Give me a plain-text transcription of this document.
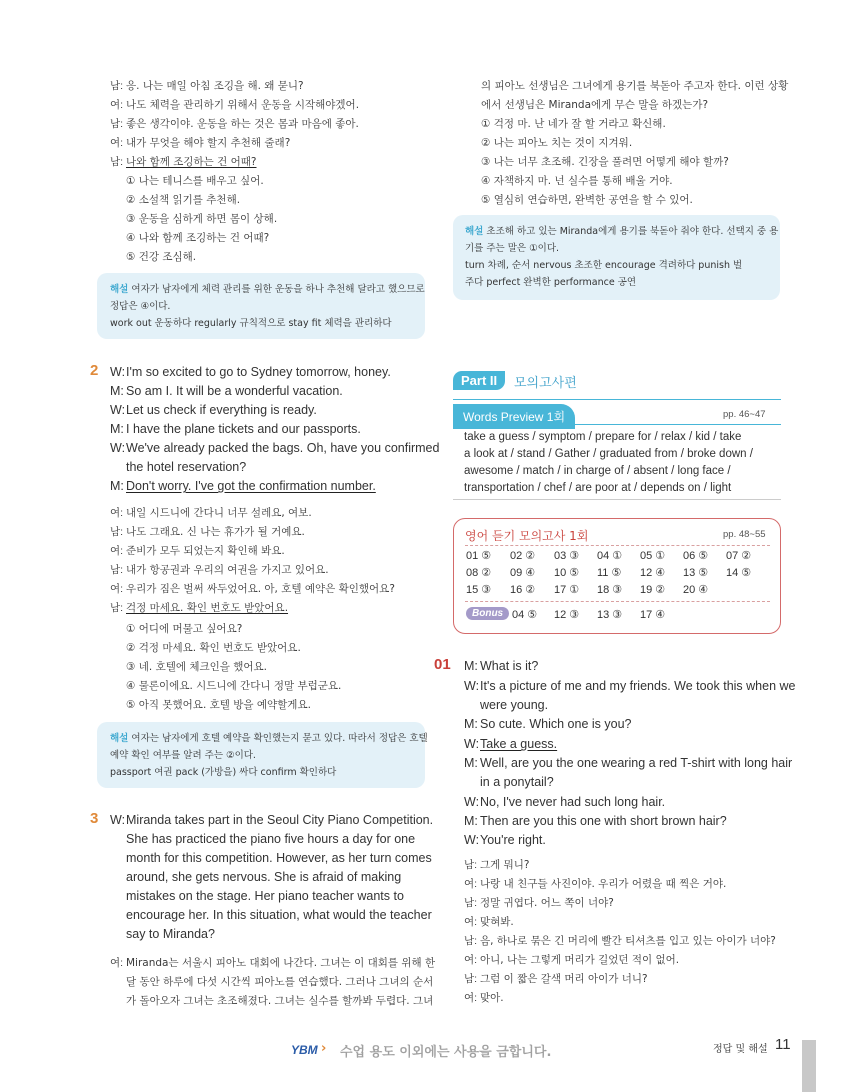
남: 응. 나는 매일 아침 조깅을 해. 왜 묻니?
여: 나도 체력을 관리하기 위해서 운동을 시작해야겠어.
남: 좋은 생각이야. 운동을 하는 것은 몸과 마음에 좋아.
여: 내가 무엇을 해야 할지 추천해 줄래?
남: 나와 함께 조깅하는 건 어때?
① 나는 테니스를 배우고 싶어.
② 소설책 읽기를 추천해.
③ 운동을 심하게 하면 몸이 상해.
④ 나와 함께 조깅하는 건 어때?
⑤ 건강 조심해.
해설 여자가 남자에게 체력 관리를 위한 운동을 하나 추천해 달라고 했으므로
정답은 ④이다.
work out 운동하다 regularly 규칙적으로 stay fit 체력을 관리하다
2 W:I'm so excited to go to Sydney tomorrow, honey.
M: So am I. It will be a wonderful vacation.
W:Let us check if everything is ready.
M: I have the plane tickets and our passports.
W:We've already packed the bags. Oh, have you confirmed
the hotel reservation?
M: Don't worry. I've got the confirmation number.
여: 내일 시드니에 간다니 너무 설레요, 여보.
남: 나도 그래요. 신 나는 휴가가 될 거예요.
여: 준비가 모두 되었는지 확인해 봐요.
남: 내가 항공권과 우리의 여권을 가지고 있어요.
여: 우리가 짐은 벌써 싸두었어요. 아, 호텔 예약은 확인했어요?
남: 걱정 마세요. 확인 번호도 받았어요.
① 어디에 머물고 싶어요?
② 걱정 마세요. 확인 번호도 받았어요.
③ 네. 호텔에 체크인을 했어요.
④ 물론이에요. 시드니에 간다니 정말 부럽군요.
⑤ 아직 못했어요. 호텔 방을 예약할게요.
해설 여자는 남자에게 호텔 예약을 확인했는지 묻고 있다. 따라서 정답은 호텔
예약 확인 여부를 알려 주는 ②이다.
passport 여권 pack (가방을) 싸다 confirm 확인하다
3 W:Miranda takes part in the Seoul City Piano Competition.
She has practiced the piano five hours a day for one
month for this competition. However, as her turn comes
around, she gets nervous. She is afraid of making
mistakes on the stage. Her piano teacher wants to
encourage her. In this situation, what would the teacher
say to Miranda?
여: Miranda는 서울시 피아노 대회에 나간다. 그녀는 이 대회를 위해 한
달 동안 하루에 다섯 시간씩 피아노를 연습했다. 그러나 그녀의 순서
가 돌아오자 그녀는 초조해졌다. 그녀는 실수를 할까봐 두렵다. 그녀
의 피아노 선생님은 그녀에게 용기를 북돋아 주고자 한다. 이런 상황
에서 선생님은 Miranda에게 무슨 말을 하겠는가?
① 걱정 마. 난 네가 잘 할 거라고 확신해.
② 나는 피아노 치는 것이 지겨워.
③ 나는 너무 초조해. 긴장을 풀려면 어떻게 해야 할까?
④ 자책하지 마. 넌 실수를 통해 배울 거야.
⑤ 열심히 연습하면, 완벽한 공연을 할 수 있어.
해설 초조해 하고 있는 Miranda에게 용기를 북돋아 줘야 한다. 선택지 중 용
기를 주는 말은 ①이다.
turn 차례, 순서 nervous 초조한 encourage 격려하다 punish 벌
주다 perfect 완벽한 performance 공연
Part II	모의고사편
Words Preview 1회	pp. 46~47
take a guess / symptom / prepare for / relax / kid / take
a look at / stand / Gather / graduated from / broke down /
awesome / match / in charge of / absent / long face /
transportation / chef / are poor at / depends on / light
영어 듣기 모의고사 1회	pp. 48~55
01 ⑤ 02 ② 03 ③ 04 ① 05 ① 06 ⑤ 07 ②
08 ② 09 ④ 10 ⑤ 11 ⑤ 12 ④ 13 ⑤ 14 ⑤
15 ③ 16 ② 17 ① 18 ③ 19 ② 20 ④
Bonus 04 ⑤ 12 ③ 13 ③ 17 ④
01 M: What is it?
W:It's a picture of me and my friends. We took this when we
were young.
M: So cute. Which one is you?
W:Take a guess.
M: Well, are you the one wearing a red T-shirt with long hair
in a ponytail?
W:No, I've never had such long hair.
M: Then are you this one with short brown hair?
W:You're right.
남: 그게 뭐니?
여: 나랑 내 친구들 사진이야. 우리가 어렸을 때 찍은 거야.
남: 정말 귀엽다. 어느 쪽이 너야?
여: 맞혀봐.
남: 음, 하나로 묶은 긴 머리에 빨간 티셔츠를 입고 있는 아이가 너야?
여: 아니, 나는 그렇게 머리가 길었던 적이 없어.
남: 그럼 이 짧은 갈색 머리 아이가 너니?
여: 맞아.
YBM › 수업 용도 이외에는 사용을 금합니다.	정답 및 해설 11
